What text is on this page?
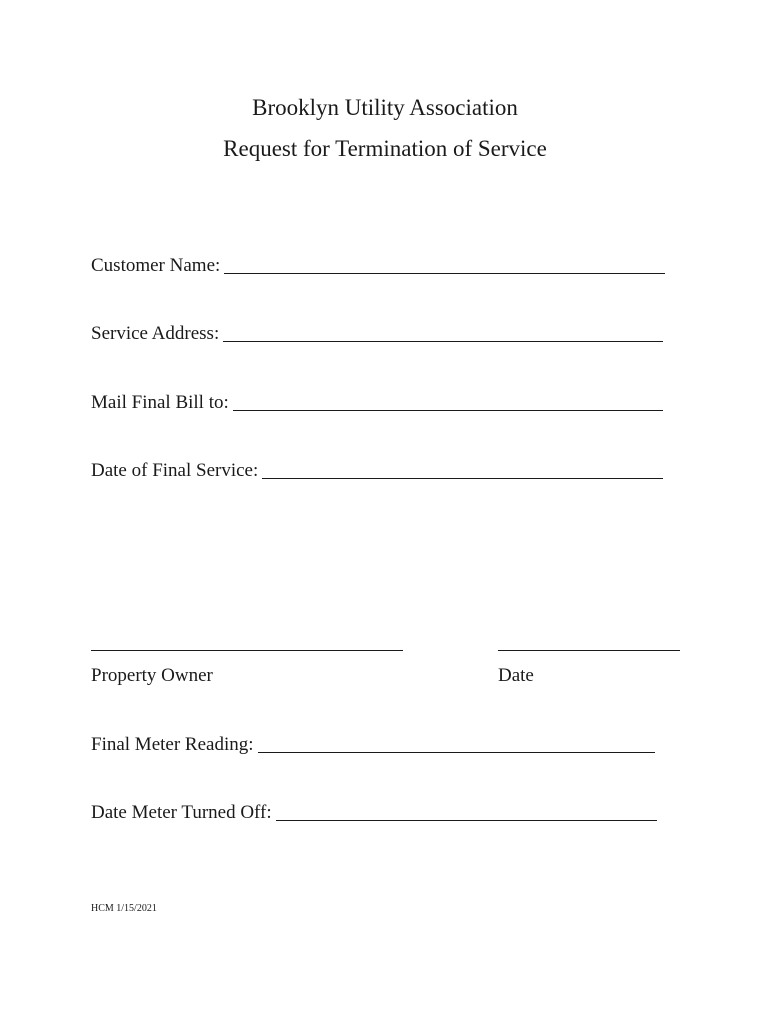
Brooklyn Utility Association
Request for Termination of Service
Customer Name:
Service Address:
Mail Final Bill to:
Date of Final Service:
Property Owner	Date
Final Meter Reading:
Date Meter Turned Off:
HCM 1/15/2021
